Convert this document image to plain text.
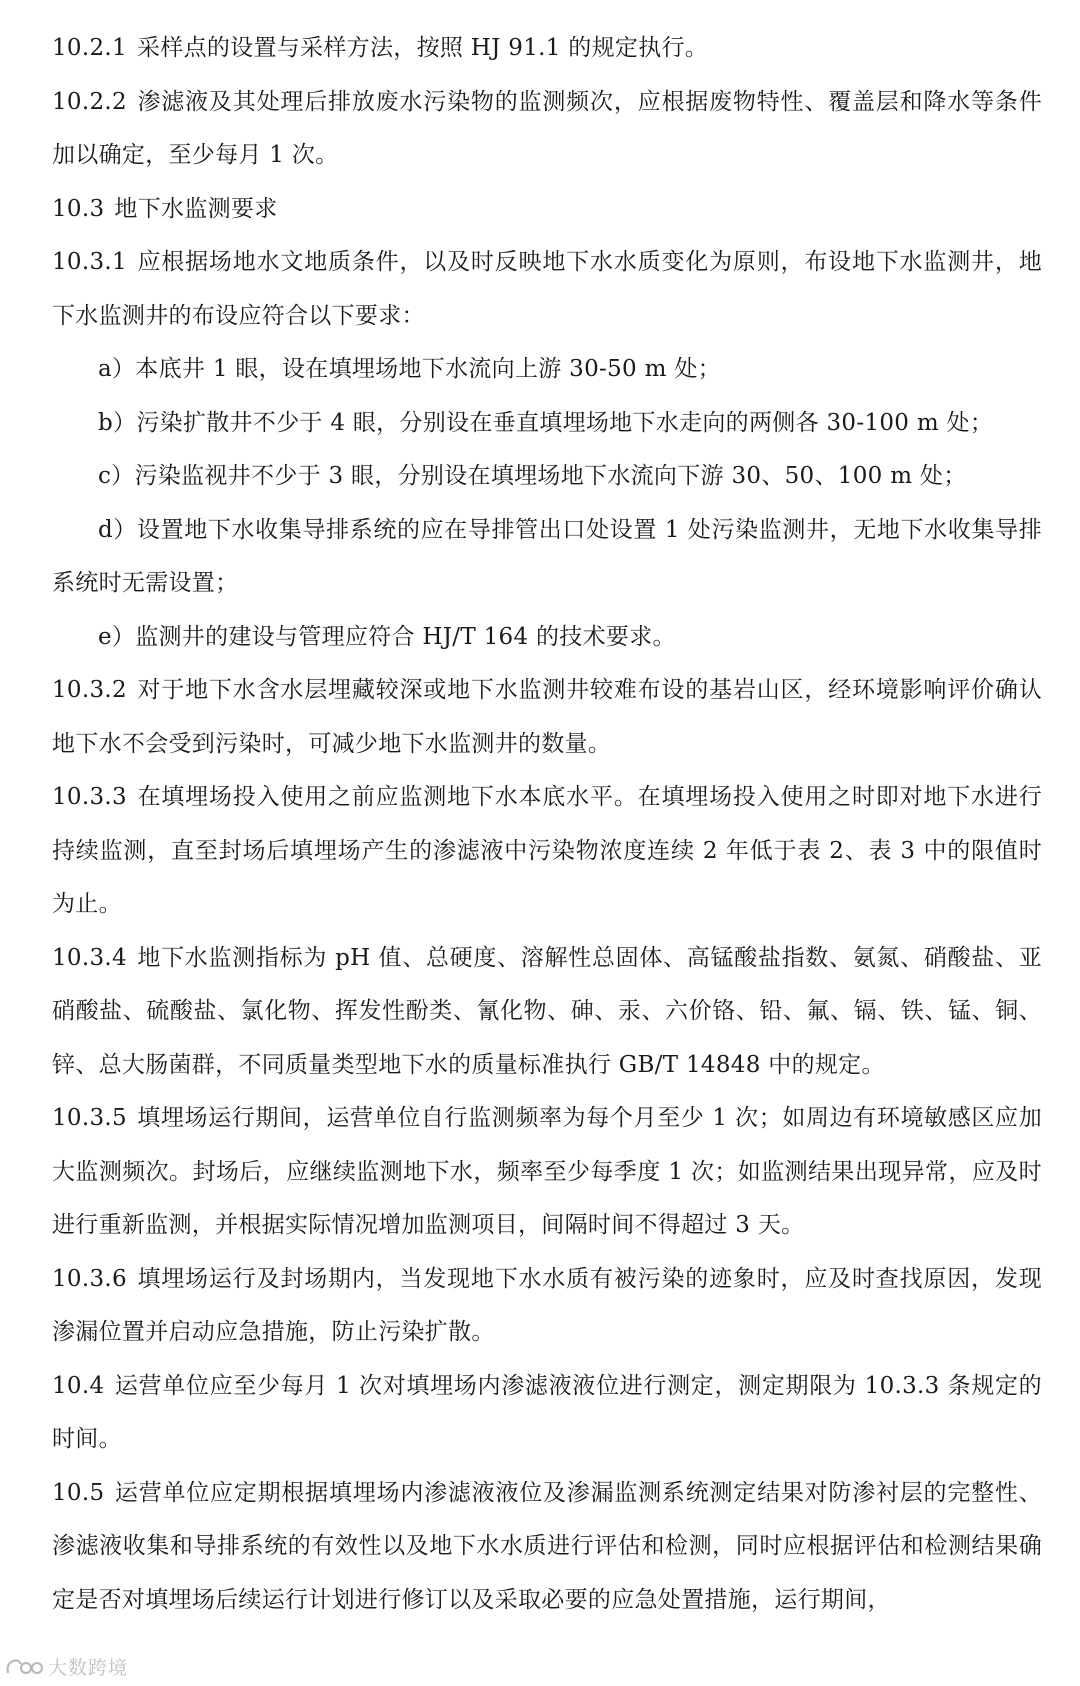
10.2.1 采样点的设置与采样方法，按照 HJ 91.1 的规定执行。

10.2.2 渗滤液及其处理后排放废水污染物的监测频次，应根据废物特性、覆盖层和降水等条件加以确定，至少每月 1 次。

10.3 地下水监测要求

10.3.1 应根据场地水文地质条件，以及时反映地下水水质变化为原则，布设地下水监测井，地下水监测井的布设应符合以下要求：

a）本底井 1 眼，设在填埋场地下水流向上游 30-50 m 处；

b）污染扩散井不少于 4 眼，分别设在垂直填埋场地下水走向的两侧各 30-100 m 处；

c）污染监视井不少于 3 眼，分别设在填埋场地下水流向下游 30、50、100 m 处；

d）设置地下水收集导排系统的应在导排管出口处设置 1 处污染监测井，无地下水收集导排系统时无需设置；

e）监测井的建设与管理应符合 HJ/T 164 的技术要求。

10.3.2 对于地下水含水层埋藏较深或地下水监测井较难布设的基岩山区，经环境影响评价确认地下水不会受到污染时，可减少地下水监测井的数量。

10.3.3 在填埋场投入使用之前应监测地下水本底水平。在填埋场投入使用之时即对地下水进行持续监测，直至封场后填埋场产生的渗滤液中污染物浓度连续 2 年低于表 2、表 3 中的限值时为止。

10.3.4 地下水监测指标为 pH 值、总硬度、溶解性总固体、高锰酸盐指数、氨氮、硝酸盐、亚硝酸盐、硫酸盐、氯化物、挥发性酚类、氰化物、砷、汞、六价铬、铅、氟、镉、铁、锰、铜、锌、总大肠菌群，不同质量类型地下水的质量标准执行 GB/T 14848 中的规定。

10.3.5 填埋场运行期间，运营单位自行监测频率为每个月至少 1 次；如周边有环境敏感区应加大监测频次。封场后，应继续监测地下水，频率至少每季度 1 次；如监测结果出现异常，应及时进行重新监测，并根据实际情况增加监测项目，间隔时间不得超过 3 天。

10.3.6 填埋场运行及封场期内，当发现地下水水质有被污染的迹象时，应及时查找原因，发现渗漏位置并启动应急措施，防止污染扩散。

10.4 运营单位应至少每月 1 次对填埋场内渗滤液液位进行测定，测定期限为 10.3.3 条规定的时间。

10.5 运营单位应定期根据填埋场内渗滤液液位及渗漏监测系统测定结果对防渗衬层的完整性、渗滤液收集和导排系统的有效性以及地下水水质进行评估和检测，同时应根据评估和检测结果确定是否对填埋场后续运行计划进行修订以及采取必要的应急处置措施，运行期间，

大数跨境
